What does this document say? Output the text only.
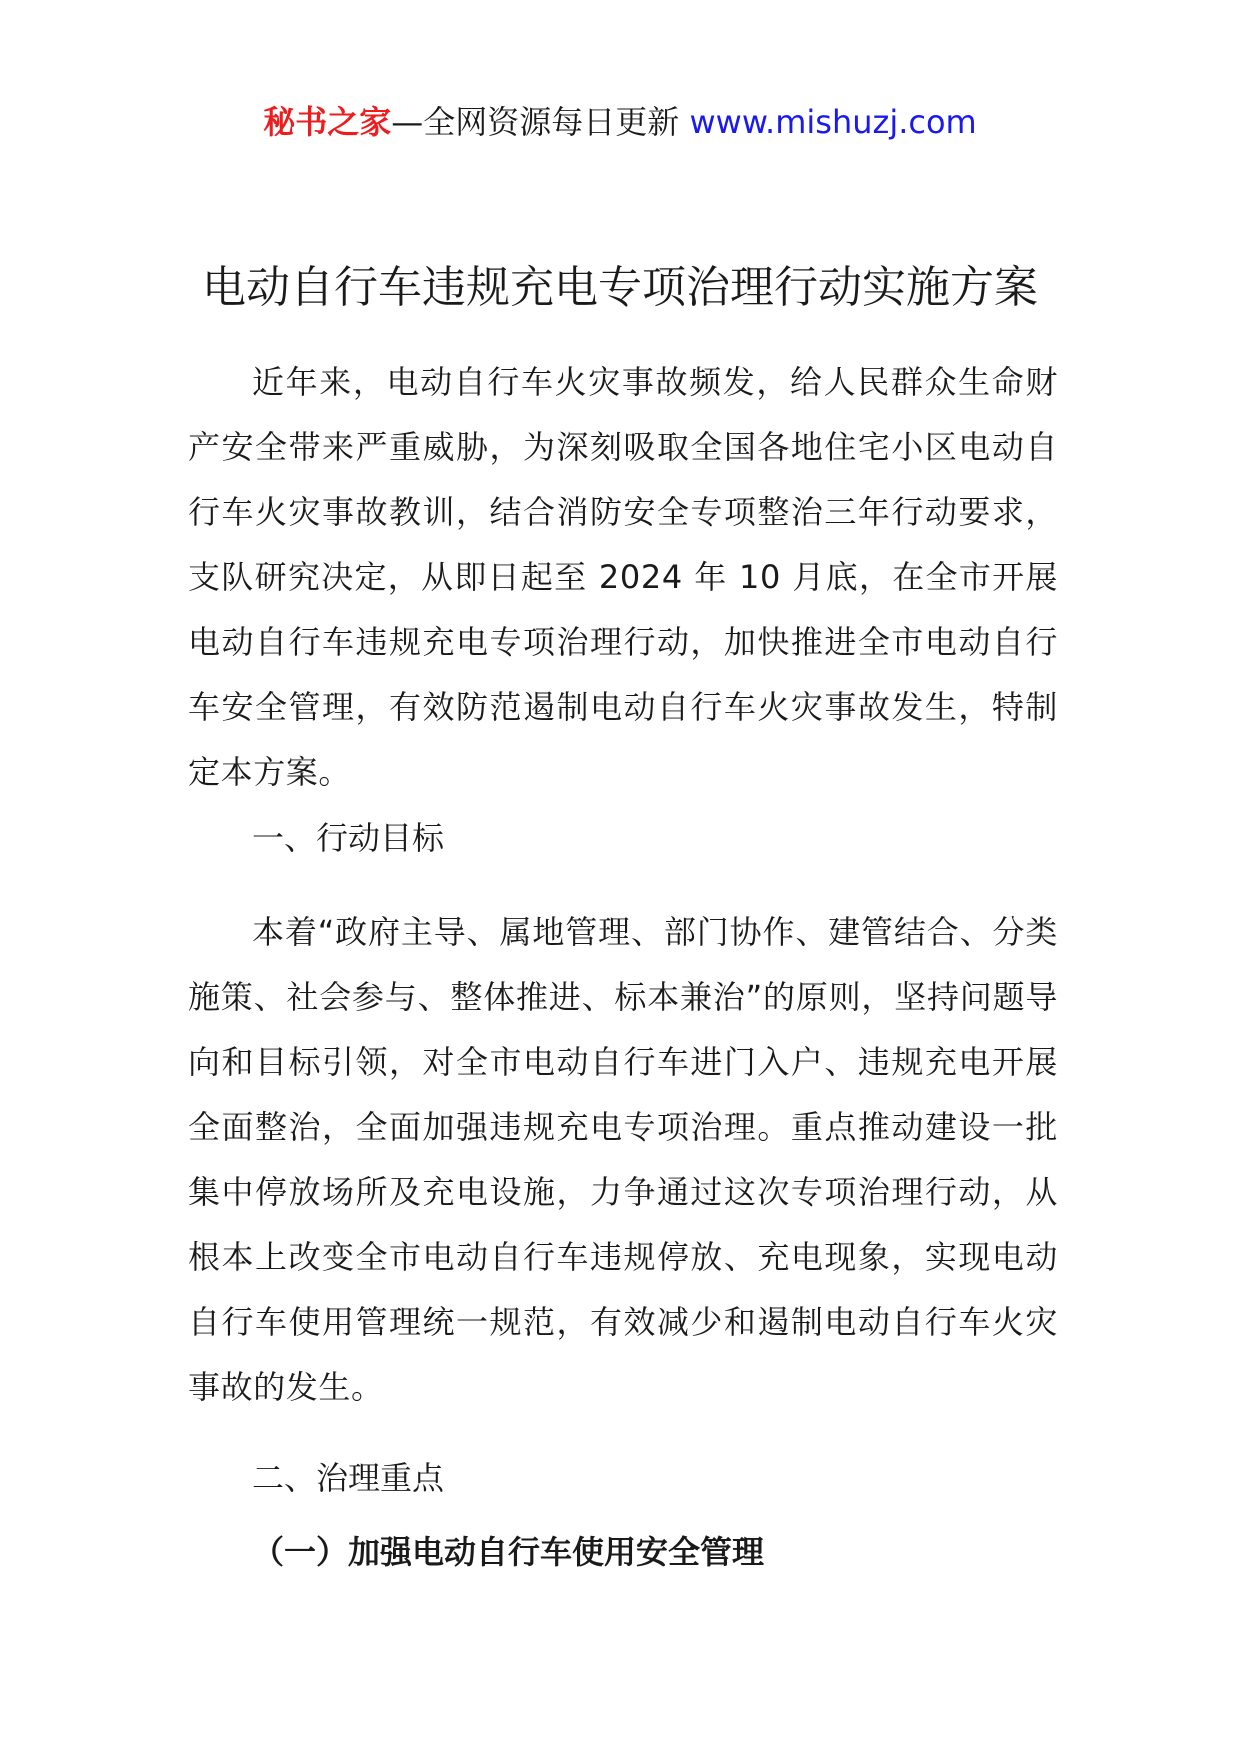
秘书之家—全网资源每日更新 www.mishuzj.com
电动自行车违规充电专项治理行动实施方案
近年来，电动自行车火灾事故频发，给人民群众生命财产安全带来严重威胁，为深刻吸取全国各地住宅小区电动自行车火灾事故教训，结合消防安全专项整治三年行动要求，支队研究决定，从即日起至 2024 年 10 月底，在全市开展电动自行车违规充电专项治理行动，加快推进全市电动自行车安全管理，有效防范遏制电动自行车火灾事故发生，特制定本方案。
一、行动目标
本着“政府主导、属地管理、部门协作、建管结合、分类施策、社会参与、整体推进、标本兼治”的原则，坚持问题导向和目标引领，对全市电动自行车进门入户、违规充电开展全面整治，全面加强违规充电专项治理。重点推动建设一批集中停放场所及充电设施，力争通过这次专项治理行动，从根本上改变全市电动自行车违规停放、充电现象，实现电动自行车使用管理统一规范，有效减少和遏制电动自行车火灾事故的发生。
二、治理重点
（一）加强电动自行车使用安全管理
